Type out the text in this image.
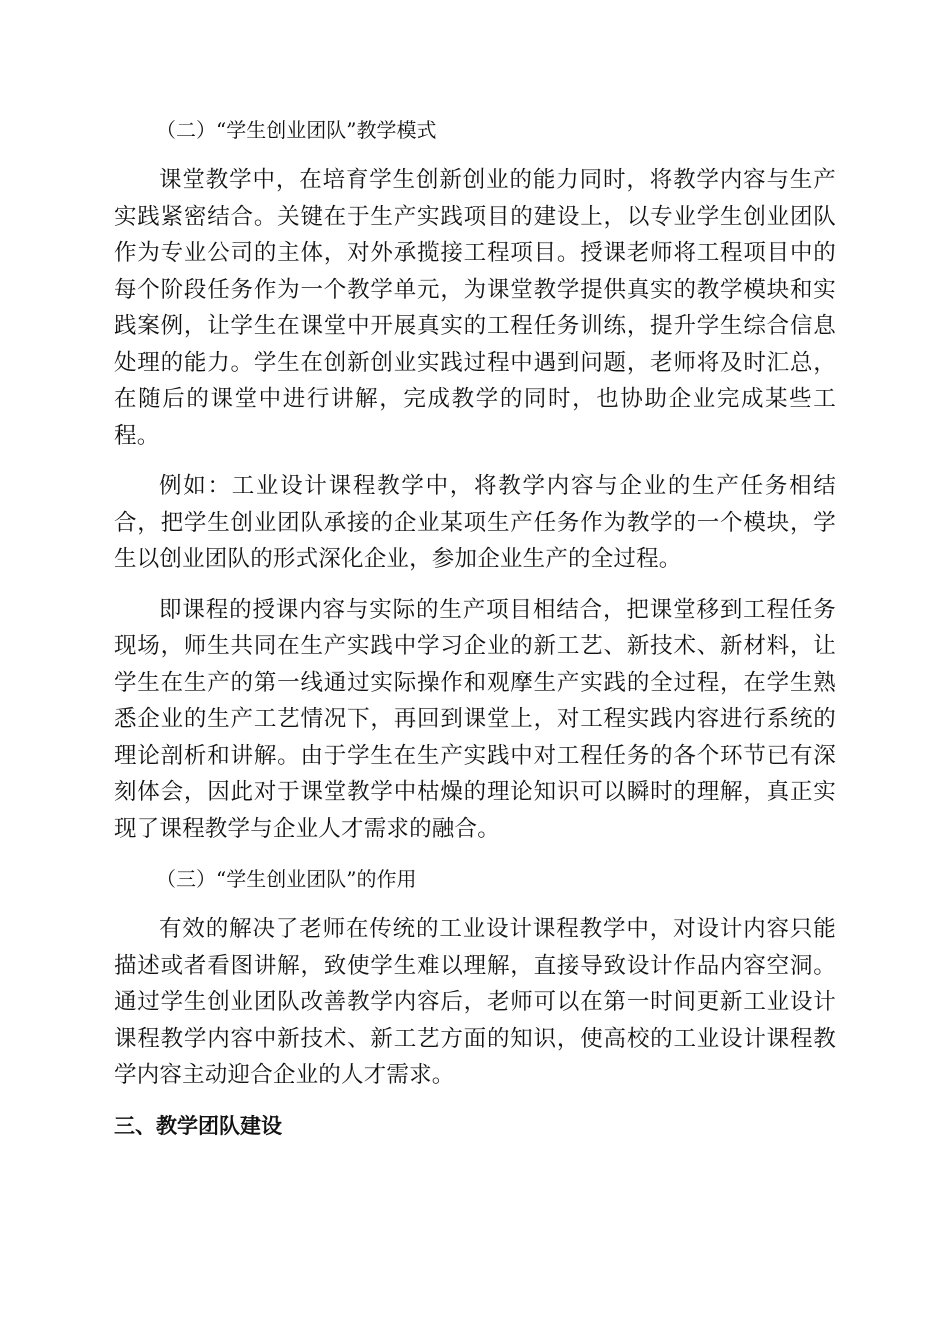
（二）“学生创业团队”教学模式

课堂教学中，在培育学生创新创业的能力同时，将教学内容与生产实践紧密结合。关键在于生产实践项目的建设上，以专业学生创业团队作为专业公司的主体，对外承揽接工程项目。授课老师将工程项目中的每个阶段任务作为一个教学单元，为课堂教学提供真实的教学模块和实践案例，让学生在课堂中开展真实的工程任务训练，提升学生综合信息处理的能力。学生在创新创业实践过程中遇到问题，老师将及时汇总，在随后的课堂中进行讲解，完成教学的同时，也协助企业完成某些工程。

例如：工业设计课程教学中，将教学内容与企业的生产任务相结合，把学生创业团队承接的企业某项生产任务作为教学的一个模块，学生以创业团队的形式深化企业，参加企业生产的全过程。

即课程的授课内容与实际的生产项目相结合，把课堂移到工程任务现场，师生共同在生产实践中学习企业的新工艺、新技术、新材料，让学生在生产的第一线通过实际操作和观摩生产实践的全过程，在学生熟悉企业的生产工艺情况下，再回到课堂上，对工程实践内容进行系统的理论剖析和讲解。由于学生在生产实践中对工程任务的各个环节已有深刻体会，因此对于课堂教学中枯燥的理论知识可以瞬时的理解，真正实现了课程教学与企业人才需求的融合。

（三）“学生创业团队”的作用

有效的解决了老师在传统的工业设计课程教学中，对设计内容只能描述或者看图讲解，致使学生难以理解，直接导致设计作品内容空洞。通过学生创业团队改善教学内容后，老师可以在第一时间更新工业设计课程教学内容中新技术、新工艺方面的知识，使高校的工业设计课程教学内容主动迎合企业的人才需求。

三、教学团队建设
